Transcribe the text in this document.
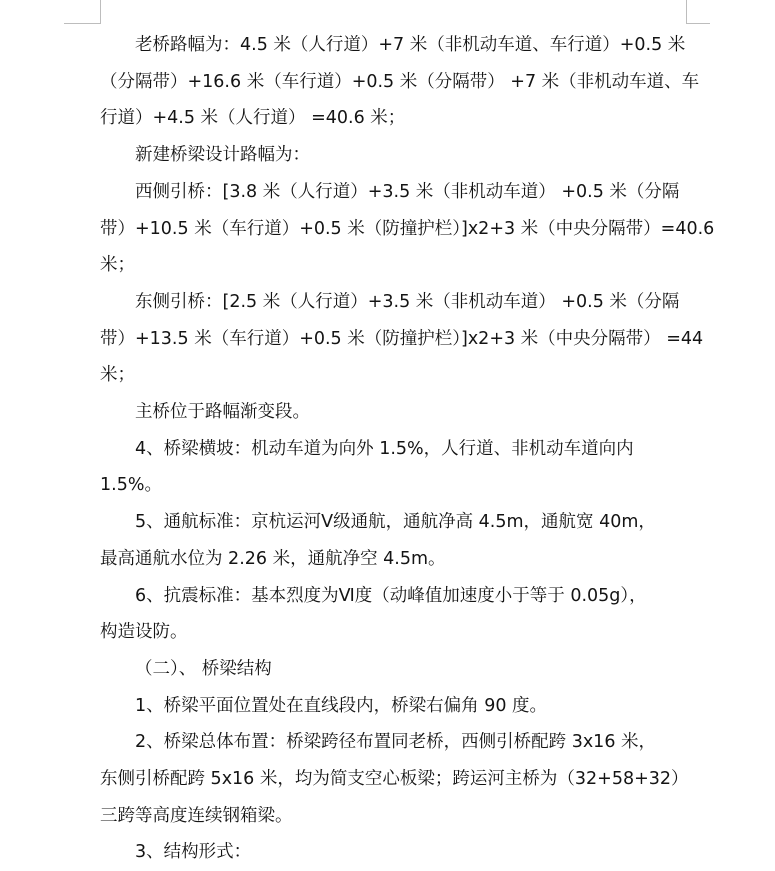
老桥路幅为：4.5 米（人行道）+7 米（非机动车道、车行道）+0.5 米
（分隔带）+16.6 米（车行道）+0.5 米（分隔带） +7 米（非机动车道、车
行道）+4.5 米（人行道） =40.6 米；
新建桥梁设计路幅为：
西侧引桥：[3.8 米（人行道）+3.5 米（非机动车道） +0.5 米（分隔
带）+10.5 米（车行道）+0.5 米（防撞护栏）]x2+3 米（中央分隔带）=40.6
米；
东侧引桥：[2.5 米（人行道）+3.5 米（非机动车道） +0.5 米（分隔
带）+13.5 米（车行道）+0.5 米（防撞护栏）]x2+3 米（中央分隔带） =44
米；
主桥位于路幅渐变段。
4、桥梁横坡：机动车道为向外 1.5%，人行道、非机动车道向内
1.5%。
5、通航标准：京杭运河Ⅴ级通航，通航净高 4.5m，通航宽 40m，
最高通航水位为 2.26 米，通航净空 4.5m。
6、抗震标准：基本烈度为Ⅵ度（动峰值加速度小于等于 0.05g），
构造设防。
（二）、 桥梁结构
1、桥梁平面位置处在直线段内，桥梁右偏角 90 度。
2、桥梁总体布置：桥梁跨径布置同老桥，西侧引桥配跨 3x16 米，
东侧引桥配跨 5x16 米，均为简支空心板梁；跨运河主桥为（32+58+32）
三跨等高度连续钢箱梁。
3、结构形式：
